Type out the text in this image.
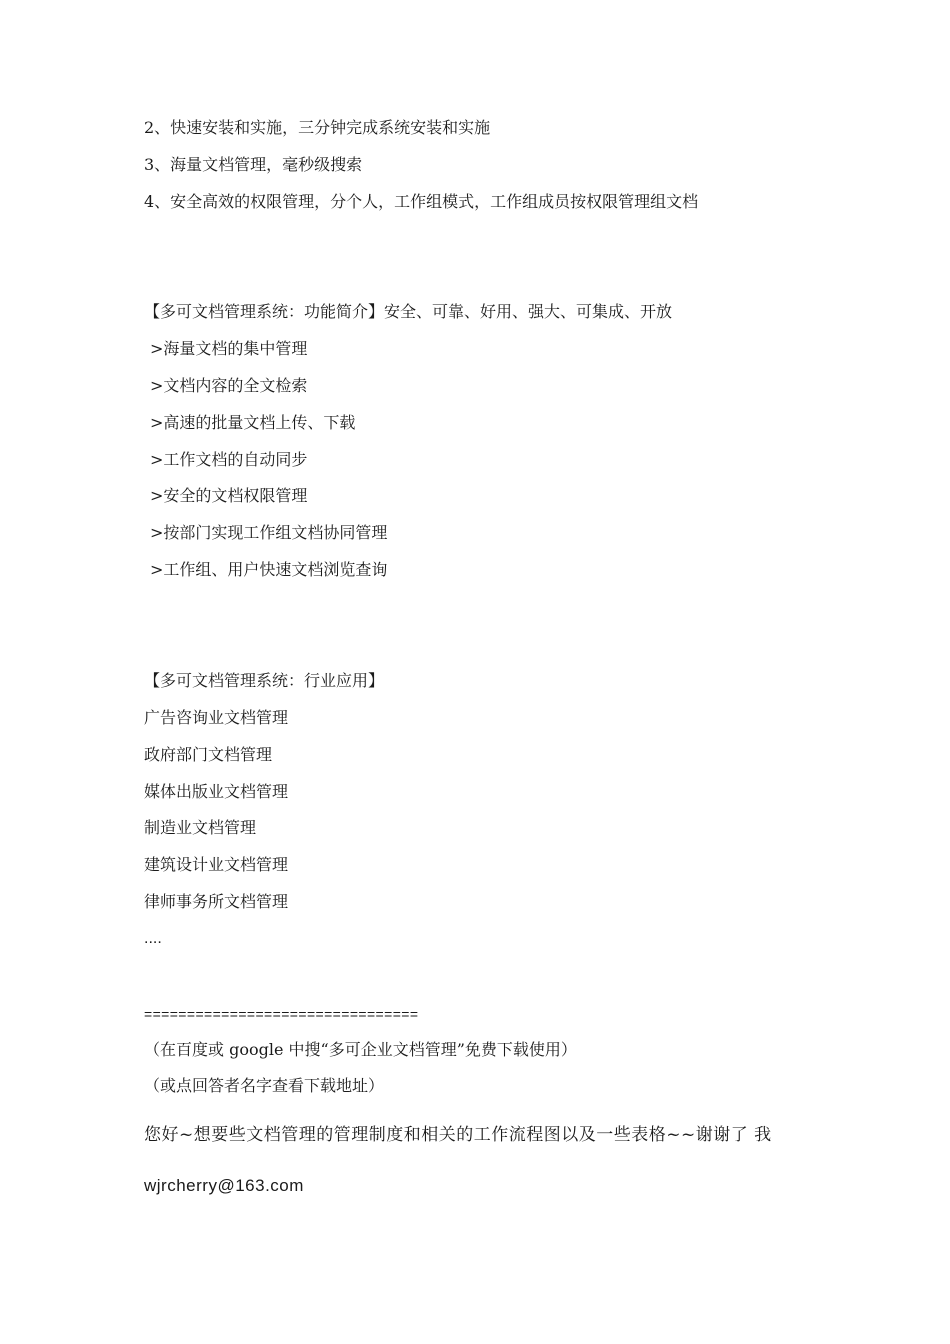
2、快速安装和实施，三分钟完成系统安装和实施
3、海量文档管理，毫秒级搜索
4、安全高效的权限管理，分个人，工作组模式，工作组成员按权限管理组文档
【多可文档管理系统：功能简介】安全、可靠、好用、强大、可集成、开放
>海量文档的集中管理
>文档内容的全文检索
>高速的批量文档上传、下载
>工作文档的自动同步
>安全的文档权限管理
>按部门实现工作组文档协同管理
>工作组、用户快速文档浏览查询
【多可文档管理系统：行业应用】
广告咨询业文档管理
政府部门文档管理
媒体出版业文档管理
制造业文档管理
建筑设计业文档管理
律师事务所文档管理
....
================================
（在百度或 google 中搜“多可企业文档管理”免费下载使用）
（或点回答者名字查看下载地址）
您好~想要些文档管理的管理制度和相关的工作流程图以及一些表格~~谢谢了 我
wjrcherry@163.com
